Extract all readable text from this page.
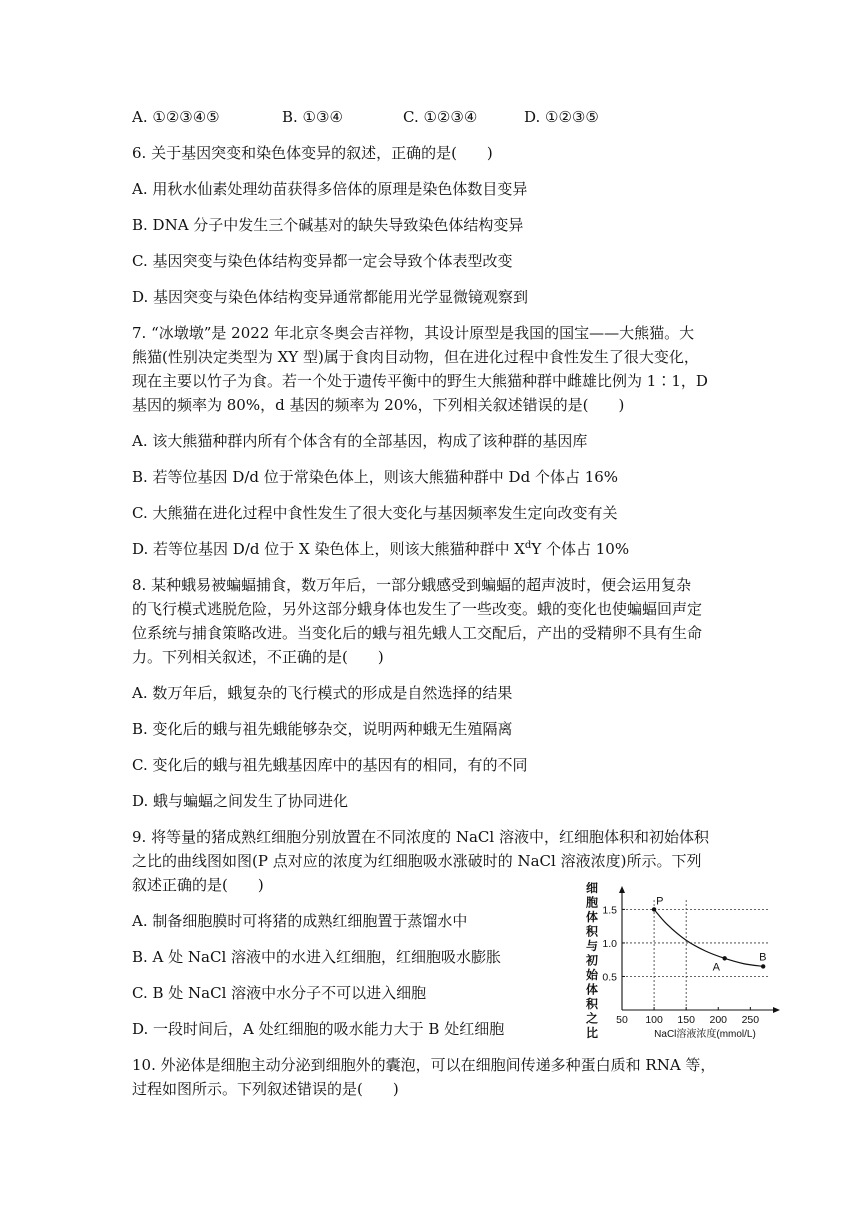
A. ①②③④⑤	B. ①③④	C. ①②③④	D. ①②③⑤
6. 关于基因突变和染色体变异的叙述，正确的是(　　)
A. 用秋水仙素处理幼苗获得多倍体的原理是染色体数目变异
B. DNA 分子中发生三个碱基对的缺失导致染色体结构变异
C. 基因突变与染色体结构变异都一定会导致个体表型改变
D. 基因突变与染色体结构变异通常都能用光学显微镜观察到
7. “冰墩墩”是 2022 年北京冬奥会吉祥物，其设计原型是我国的国宝——大熊猫。大
熊猫(性别决定类型为 XY 型)属于食肉目动物，但在进化过程中食性发生了很大变化，
现在主要以竹子为食。若一个处于遗传平衡中的野生大熊猫种群中雌雄比例为 1∶1，D
基因的频率为 80%，d 基因的频率为 20%，下列相关叙述错误的是(　　)
A. 该大熊猫种群内所有个体含有的全部基因，构成了该种群的基因库
B. 若等位基因 D/d 位于常染色体上，则该大熊猫种群中 Dd 个体占 16%
C. 大熊猫在进化过程中食性发生了很大变化与基因频率发生定向改变有关
D. 若等位基因 D/d 位于 X 染色体上，则该大熊猫种群中 $X^dY$ 个体占 10%
8. 某种蛾易被蝙蝠捕食，数万年后，一部分蛾感受到蝙蝠的超声波时，便会运用复杂
的飞行模式逃脱危险，另外这部分蛾身体也发生了一些改变。蛾的变化也使蝙蝠回声定
位系统与捕食策略改进。当变化后的蛾与祖先蛾人工交配后，产出的受精卵不具有生命
力。下列相关叙述，不正确的是(　　)
A. 数万年后，蛾复杂的飞行模式的形成是自然选择的结果
B. 变化后的蛾与祖先蛾能够杂交，说明两种蛾无生殖隔离
C. 变化后的蛾与祖先蛾基因库中的基因有的相同，有的不同
D. 蛾与蝙蝠之间发生了协同进化
9. 将等量的猪成熟红细胞分别放置在不同浓度的 NaCl 溶液中，红细胞体积和初始体积
之比的曲线图如图(P 点对应的浓度为红细胞吸水涨破时的 NaCl 溶液浓度)所示。下列
叙述正确的是(　　)
A. 制备细胞膜时可将猪的成熟红细胞置于蒸馏水中
B. A 处 NaCl 溶液中的水进入红细胞，红细胞吸水膨胀
C. B 处 NaCl 溶液中水分子不可以进入细胞
D. 一段时间后，A 处红细胞的吸水能力大于 B 处红细胞
10. 外泌体是细胞主动分泌到细胞外的囊泡，可以在细胞间传递多种蛋白质和 RNA 等，
过程如图所示。下列叙述错误的是(　　)
细
胞
体
积
与
初
始
体
积
之
比
50 100 150 200 250
0.5
1.0
1.5
P
A
B
NaCl溶液浓度(mmol/L)
